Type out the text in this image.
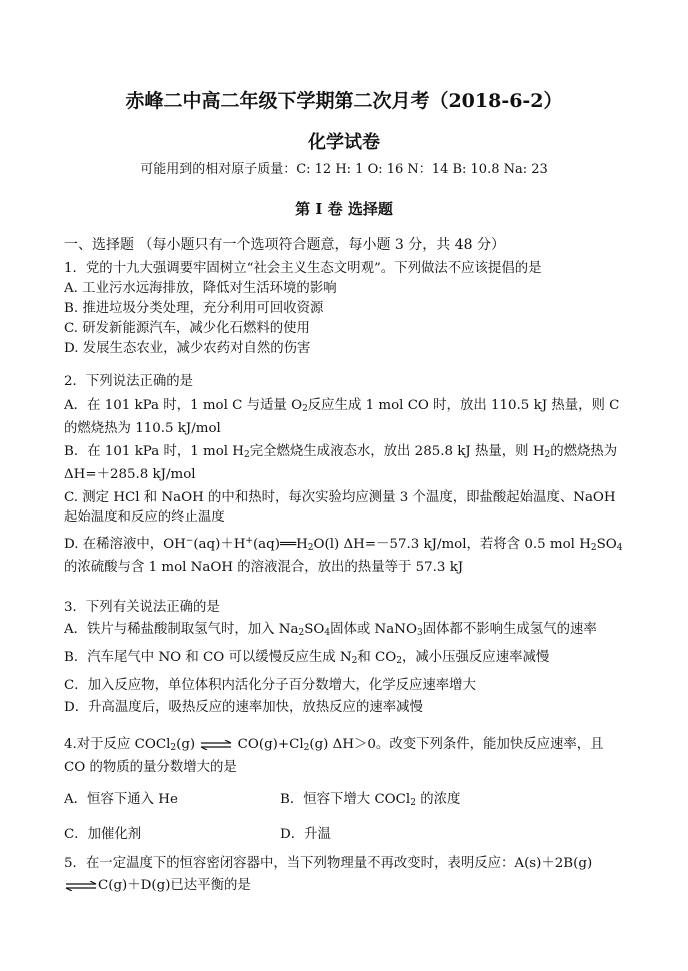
赤峰二中高二年级下学期第二次月考（2018-6-2）
化学试卷
可能用到的相对原子质量：C: 12 H: 1 O: 16 N：14 B: 10.8 Na: 23
第 I 卷 选择题
一、选择题 （每小题只有一个选项符合题意，每小题 3 分，共 48 分）
1．党的十九大强调要牢固树立“社会主义生态文明观”。下列做法不应该提倡的是
A. 工业污水远海排放，降低对生活环境的影响
B. 推进垃圾分类处理，充分利用可回收资源
C. 研发新能源汽车，减少化石燃料的使用
D. 发展生态农业，减少农药对自然的伤害
2．下列说法正确的是
A．在 101 kPa 时，1 mol C 与适量 $O_2$反应生成 1 mol CO 时，放出 110.5 kJ 热量，则 C
的燃烧热为 110.5 kJ/mol
B．在 101 kPa 时，1 mol $H_2$完全燃烧生成液态水，放出 285.8 kJ 热量，则 $H_2$的燃烧热为
ΔH=＋285.8 kJ/mol
C. 测定 HCl 和 NaOH 的中和热时，每次实验均应测量 3 个温度，即盐酸起始温度、NaOH
起始温度和反应的终止温度
D. 在稀溶液中，$OH^-(aq)+H^+(aq)══H_2O(l)$ ΔH=－57.3 kJ/mol，若将含 0.5 mol $H_2SO_4$
的浓硫酸与含 1 mol NaOH 的溶液混合，放出的热量等于 57.3 kJ
3．下列有关说法正确的是
A．铁片与稀盐酸制取氢气时，加入 $Na_2SO_4$固体或 NaNO$_3$固体都不影响生成氢气的速率
B．汽车尾气中 NO 和 CO 可以缓慢反应生成 $N_2$和 $CO_2$，减小压强反应速率减慢
C．加入反应物，单位体积内活化分子百分数增大，化学反应速率增大
D．升高温度后，吸热反应的速率加快，放热反应的速率减慢
4.对于反应 COCl$_2$(g) ⇌ $CO(g)+Cl_2(g)$ ΔH＞0。改变下列条件，能加快反应速率，且
CO 的物质的量分数增大的是
A．恒容下通入 He	B．恒容下增大 COCl$_2$ 的浓度
C．加催化剂	D．升温
5．在一定温度下的恒容密闭容器中，当下列物理量不再改变时，表明反应：A(s)＋2B(g)
⇌C(g)＋D(g)已达平衡的是
